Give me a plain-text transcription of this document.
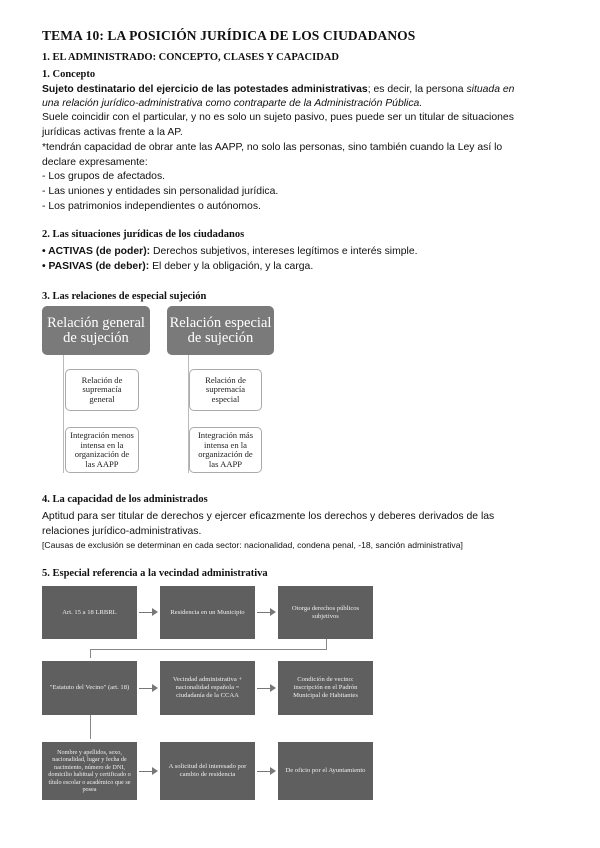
TEMA 10: LA POSICIÓN JURÍDICA DE LOS CIUDADANOS
1. EL ADMINISTRADO: CONCEPTO, CLASES Y CAPACIDAD
1. Concepto
Sujeto destinatario del ejercicio de las potestades administrativas; es decir, la persona situada en
una relación jurídico-administrativa como contraparte de la Administración Pública.
Suele coincidir con el particular, y no es solo un sujeto pasivo, pues puede ser un titular de situaciones
jurídicas activas frente a la AP.
*tendrán capacidad de obrar ante las AAPP, no solo las personas, sino también cuando la Ley así lo
declare expresamente:
- Los grupos de afectados.
- Las uniones y entidades sin personalidad jurídica.
- Los patrimonios independientes o autónomos.
2. Las situaciones jurídicas de los ciudadanos
• ACTIVAS (de poder): Derechos subjetivos, intereses legítimos e interés simple.
• PASIVAS (de deber): El deber y la obligación, y la carga.
3. Las relaciones de especial sujeción
Relación general de sujeción
Relación especial de sujeción
Relación de supremacía general
Integración menos intensa en la organización de las AAPP
Relación de supremacía especial
Integración más intensa en la organización de las AAPP
4. La capacidad de los administrados
Aptitud para ser titular de derechos y ejercer eficazmente los derechos y deberes derivados de las
relaciones jurídico-administrativas.
[Causas de exclusión se determinan en cada sector: nacionalidad, condena penal, -18, sanción administrativa]
5. Especial referencia a la vecindad administrativa
Art. 15 a 18 LRBRL	Residencia en un Municipio
Otorga derechos públicos subjetivos
"Estatuto del Vecino" (art. 18)
Vecindad administrativa + nacionalidad española = ciudadanía de la CCAA
Condición de vecino: inscripción en el Padrón Municipal de Habitantes
Nombre y apellidos, sexo, nacionalidad, lugar y fecha de nacimiento, número de DNI, domicilio habitual y certificado o título escolar o académico que se posea
A solicitud del interesado por cambio de residencia
De oficio por el Ayuntamiento
